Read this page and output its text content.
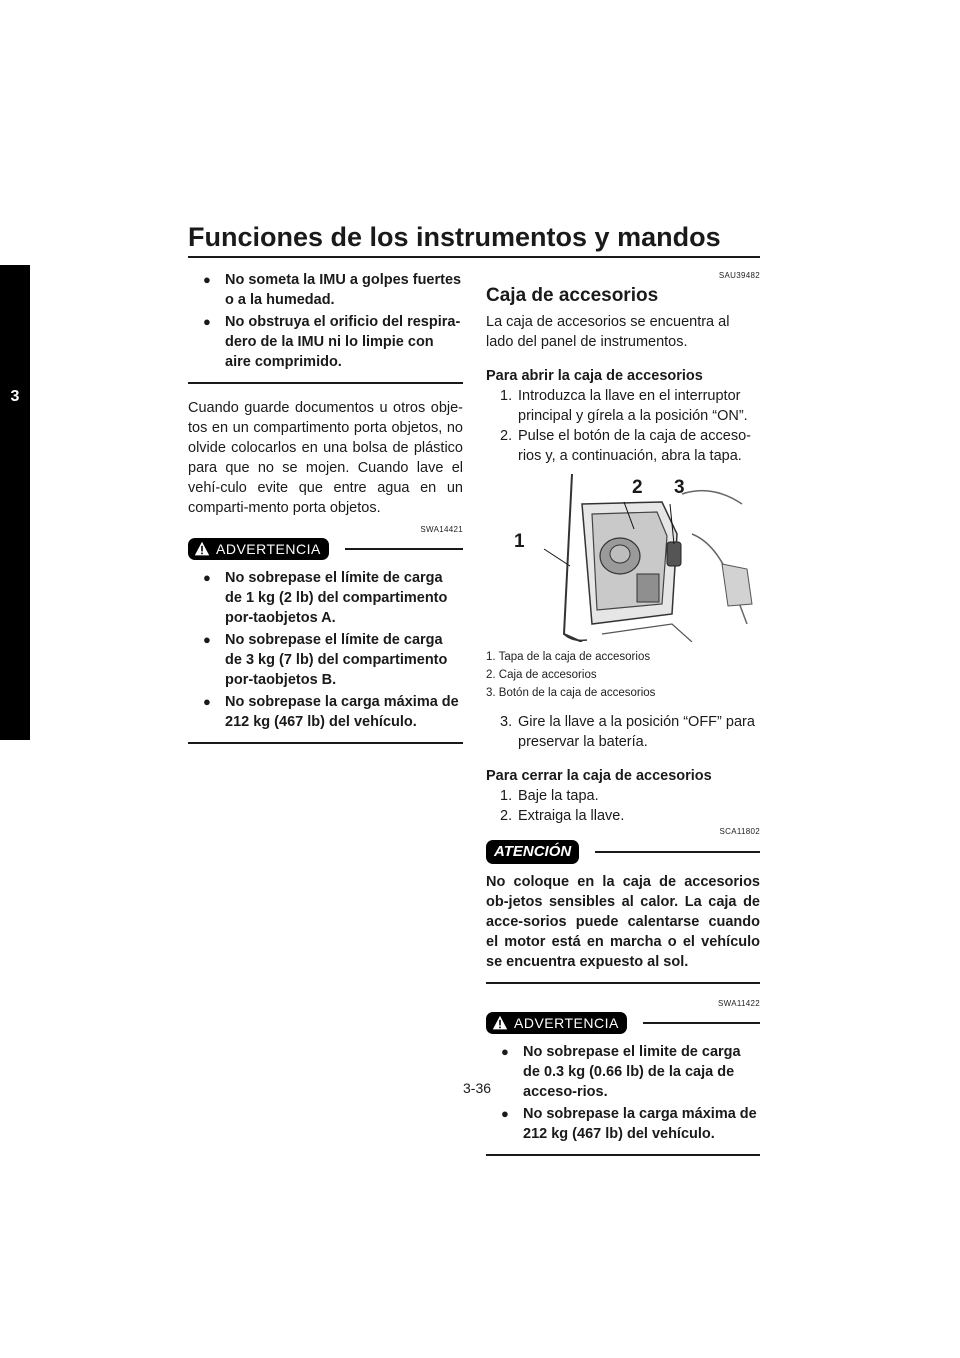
Funciones de los instrumentos y mandos
3
● No someta la IMU a golpes fuertes o a la humedad.
● No obstruya el orificio del respira-dero de la IMU ni lo limpie con aire comprimido.

Cuando guarde documentos u otros obje-tos en un compartimento porta objetos, no olvide colocarlos en una bolsa de plástico para que no se mojen. Cuando lave el vehí-culo evite que entre agua en un comparti-mento porta objetos.

SWA14421
ADVERTENCIA
● No sobrepase el límite de carga de 1 kg (2 lb) del compartimento por-taobjetos A.
● No sobrepase el límite de carga de 3 kg (7 lb) del compartimento por-taobjetos B.
● No sobrepase la carga máxima de 212 kg (467 lb) del vehículo.
SAU39482
Caja de accesorios

La caja de accesorios se encuentra al lado del panel de instrumentos.

Para abrir la caja de accesorios

1. Introduzca la llave en el interruptor principal y gírela a la posición “ON”.
2. Pulse el botón de la caja de acceso-rios y, a continuación, abra la tapa.
1
2 3
1. Tapa de la caja de accesorios
2. Caja de accesorios
3. Botón de la caja de accesorios
3. Gire la llave a la posición “OFF” para preservar la batería.

Para cerrar la caja de accesorios

1. Baje la tapa.
2. Extraiga la llave.
SCA11802
ATENCIÓN

No coloque en la caja de accesorios ob-jetos sensibles al calor. La caja de acce-sorios puede calentarse cuando el motor está en marcha o el vehículo se encuentra expuesto al sol.

SWA11422
ADVERTENCIA
● No sobrepase el limite de carga de 0.3 kg (0.66 lb) de la caja de acceso-rios.
● No sobrepase la carga máxima de 212 kg (467 lb) del vehículo.
3-36
